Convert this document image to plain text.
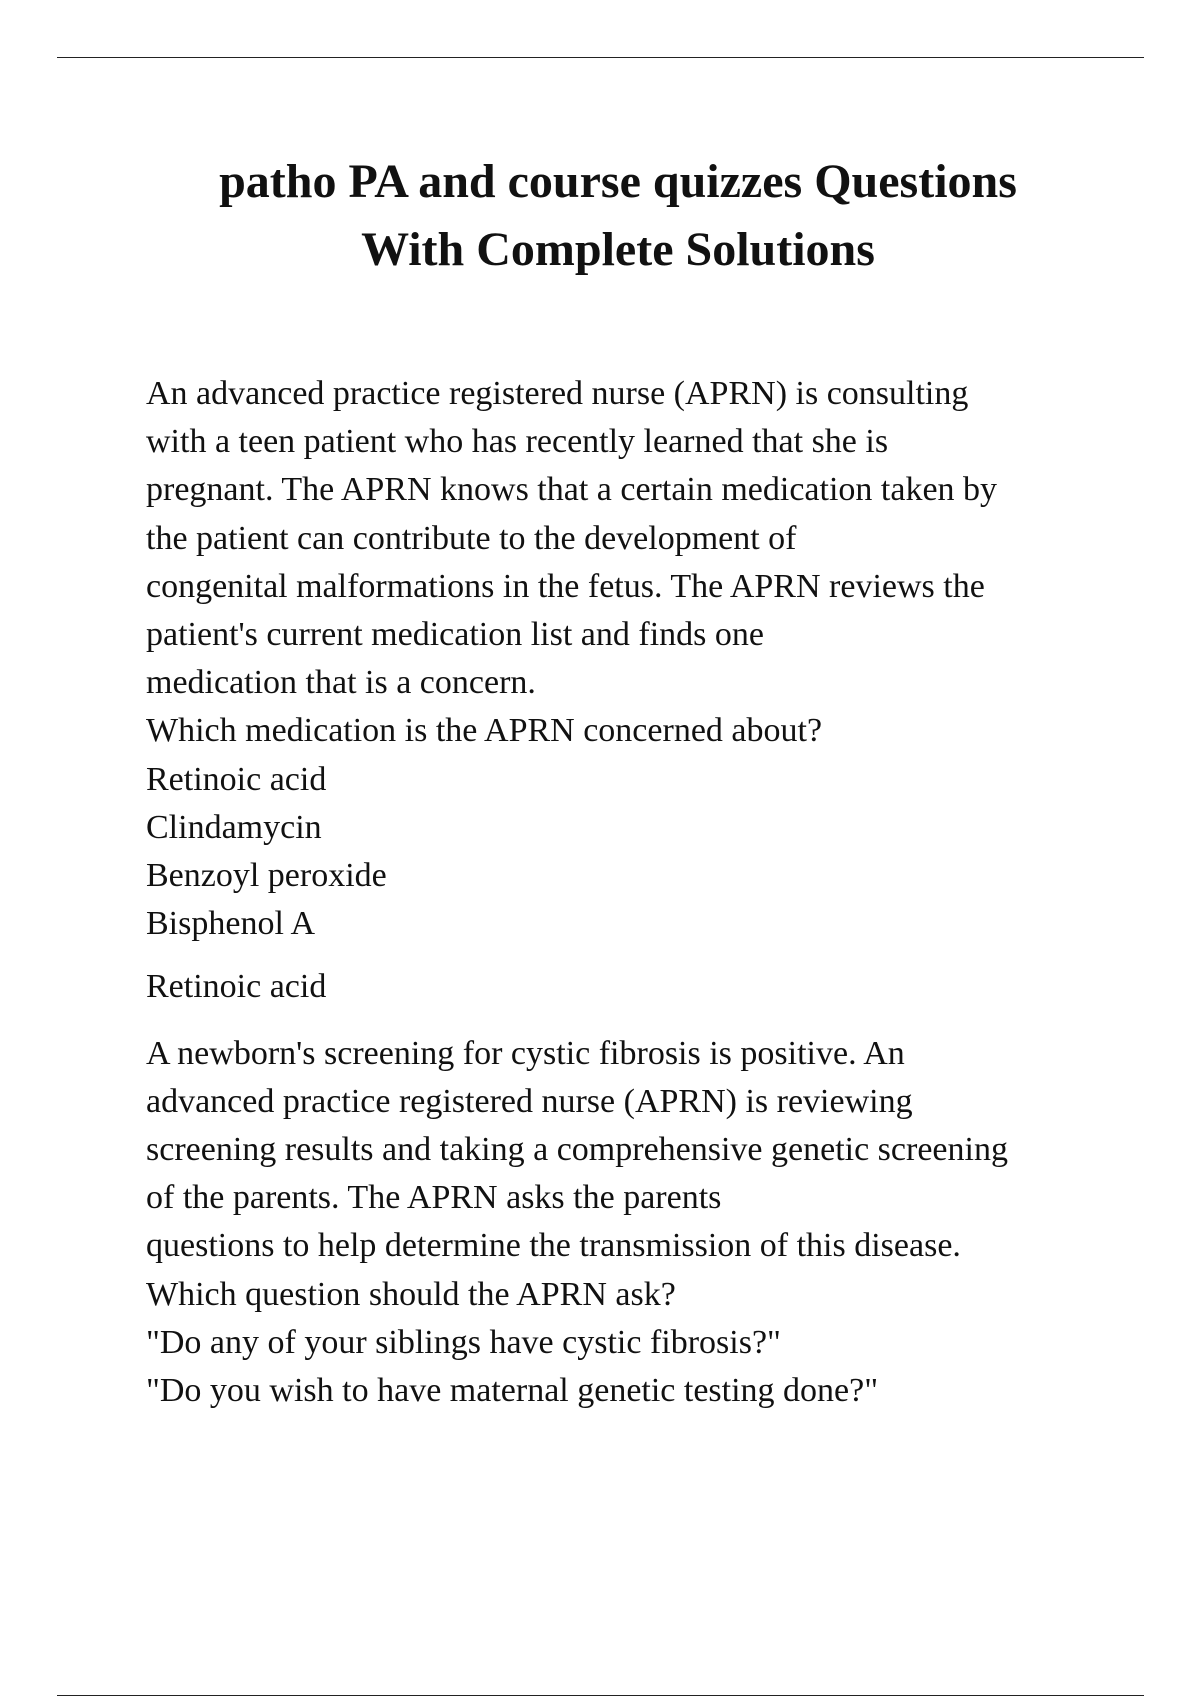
patho PA and course quizzes Questions
With Complete Solutions
An advanced practice registered nurse (APRN) is consulting
with a teen patient who has recently learned that she is
pregnant. The APRN knows that a certain medication taken by
the patient can contribute to the development of
congenital malformations in the fetus. The APRN reviews the
patient's current medication list and finds one
medication that is a concern.
Which medication is the APRN concerned about?
Retinoic acid
Clindamycin
Benzoyl peroxide
Bisphenol A
Retinoic acid
A newborn's screening for cystic fibrosis is positive. An
advanced practice registered nurse (APRN) is reviewing
screening results and taking a comprehensive genetic screening
of the parents. The APRN asks the parents
questions to help determine the transmission of this disease.
Which question should the APRN ask?
"Do any of your siblings have cystic fibrosis?"
"Do you wish to have maternal genetic testing done?"
